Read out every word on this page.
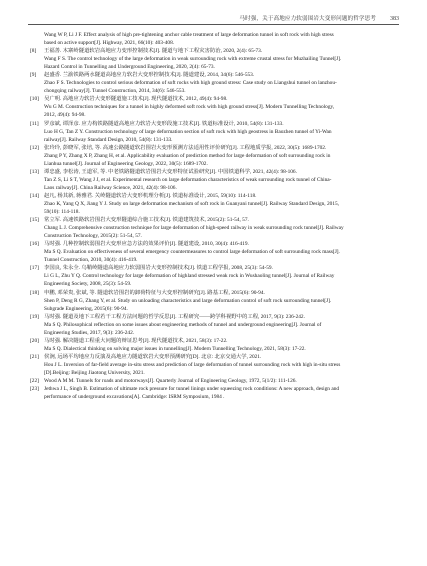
马时强，关于高地应力软弱围岩大变形问题的哲学思考 383
Wang W P, Li J F. Effect analysis of high pre-tightening anchor cable treatment of large deformation tunnel in soft rock with high stress
based on active support[J]. Highway, 2021, 66(10): 403-408.
[8]	王福善. 木寨岭隧道软岩高地应力变形控制技术[J]. 隧道与地下工程灾害防治, 2020, 2(4): 65-73.
Wang F S. The control technology of the large deformation in weak surrounding rock with extreme crustal stress for Muzhailing Tunnel[J].
Hazard Control in Tunnelling and Underground Engineering, 2020, 2(4): 65-73.
[9]	赵盛香. 兰渝铁路两水隧道高地应力软岩大变形控制技术[J]. 隧道建设, 2014, 34(6): 546-553.
Zhao F S. Technologies to control serious deformation of soft rocks with high ground stress: Case study on Liangshui tunnel on lanzhou-
chongqing railway[J]. Tunnel Construction, 2014, 34(6): 546-553.
[10] 吴广明. 高地应力软岩大变形隧道施工技术[J]. 现代隧道技术, 2012, 49(4): 94-98.
Wu G M. Construction techniques for a tunnel in highly deformed soft rock with high ground stress[J]. Modern Tunnelling Technology,
2012, 49(4): 94-98.
[11] 罗彦斌, 谭泽彦. 应力构铁路隧道高地应力软岩大变形段施工技术[J]. 铁道标准设计, 2010, 54(8): 131-133.
Luo H G, Tan Z Y. Construction technology of large deformation section of soft rock with high geostress in Baozhen tunnel of Yi-Wan
railway[J]. Railway Standard Design, 2010, 54(8): 131-133.
[12] 张玲玲, 彭晓军, 张培, 等. 高速公路隧道软岩围岩大变形预测方法适用性评价研究[J]. 工程地质学报, 2022, 30(5): 1689-1702.
Zhang P Y, Zhang X P, Zhang H, et al. Applicability evaluation of prediction method for large deformation of soft surrounding rock in
Lianhua tunnel[J]. Journal of Engineering Geology, 2022, 30(5): 1689-1702.
[13] 谭忠盛, 李松涛, 王道军, 等. 中老铁路隧道软岩围岩大变形特征试验研究[J]. 中国铁道科学, 2021, 42(4): 98-106.
Tan Z S, Li S T, Wang J J, et al. Experimental research on large deformation characteristics of weak surrounding rock tunnel of China-
Laos railway[J]. China Railway Science, 2021, 42(4): 98-106.
[14] 赵凡, 杨其新, 蒋雅君. 关岭隧道软岩大变形机理分析[J]. 铁道标准设计, 2015, 59(10): 114-118.
Zhao K, Yang Q X, Jiang Y J. Study on large deformation mechanism of soft rock in Guanyani tunnel[J]. Railway Standard Design, 2015,
59(10): 114-118.
[15] 常立军. 高速铁路软岩围岩大变形隧道综合施工技术[J]. 铁道建筑技术, 2015(2): 51-54, 57.
Chang L J. Comprehensive construction technique for large deformation of high-speed railway in weak surrounding rock tunnel[J]. Railway
Construction Technology, 2015(2): 51-54, 57.
[16] 马时强. 几种控制软弱围岩大变形应急方法的效果评价[J]. 隧道建设, 2010, 30(4): 416-419.
Ma S Q. Evaluation on effectiveness of several emergency countermeasures to control large deformation of soft surrounding rock mass[J].
Tunnel Construction, 2010, 30(4): 416-419.
[17] 李国良, 朱永全. 乌鞘岭隧道高地应力软弱围岩大变形控制技术[J]. 铁道工程学报, 2008, 25(3): 54-59.
Li G L, Zhu Y Q. Control technology for large deformation of highland stressed weak rock in Wushaoling tunnel[J]. Journal of Railway
Engineering Society, 2008, 25(3): 54-59.
[18] 申鹏, 邓荣贵, 张斌, 等. 隧道软岩围岩的卸荷特征与大变形控制研究[J]. 路基工程, 2015(6): 90-94.
Shen P, Deng R G, Zhang Y, et al. Study on unloading characteristics and large deformation control of soft rock surrounding tunnel[J].
Subgrade Engineering, 2015(6): 90-94.
[19] 马时强. 隧道及地下工程若干工程方法问题的哲学反思[J]. 工程研究——跨学科视野中的工程, 2017, 9(3): 236-242.
Ma S Q. Philosophical reflection on some issues about engineering methods of tunnel and underground engineering[J]. Journal of
Engineering Studies, 2017, 9(3): 236-242.
[20] 马时强. 解决隧道工程重大问题的辩证思考[J]. 现代隧道技术, 2021, 58(3): 17-22.
Ma S Q. Dialectical thinking on solving major issues in tunnelling[J]. Modern Tunnelling Technology, 2021, 58(3): 17-22.
[21] 侯涧, 远场平均地应力反演及高地应力隧道软岩大变形预测研究[D]. 北京: 北京交通大学, 2021.
Hou J L. Inversion of far-field average in-situ stress and prediction of large deformation of tunnel surrounding rock with high in-situ stress
[D].Beijing: Beijing Jiaotong University, 2021.
[22] Wood A M M. Tunnels for roads and motorways[J]. Quarterly Journal of Engineering Geology, 1972, 5(1/2): 111-126.
[23] Jethwa J L, Singh B. Estimation of ultimate rock pressure for tunnel linings under squeezing rock conditions: A new approach, design and
performance of underground excavations[A]. Cambridge: ISRM Symposium, 1984 .
